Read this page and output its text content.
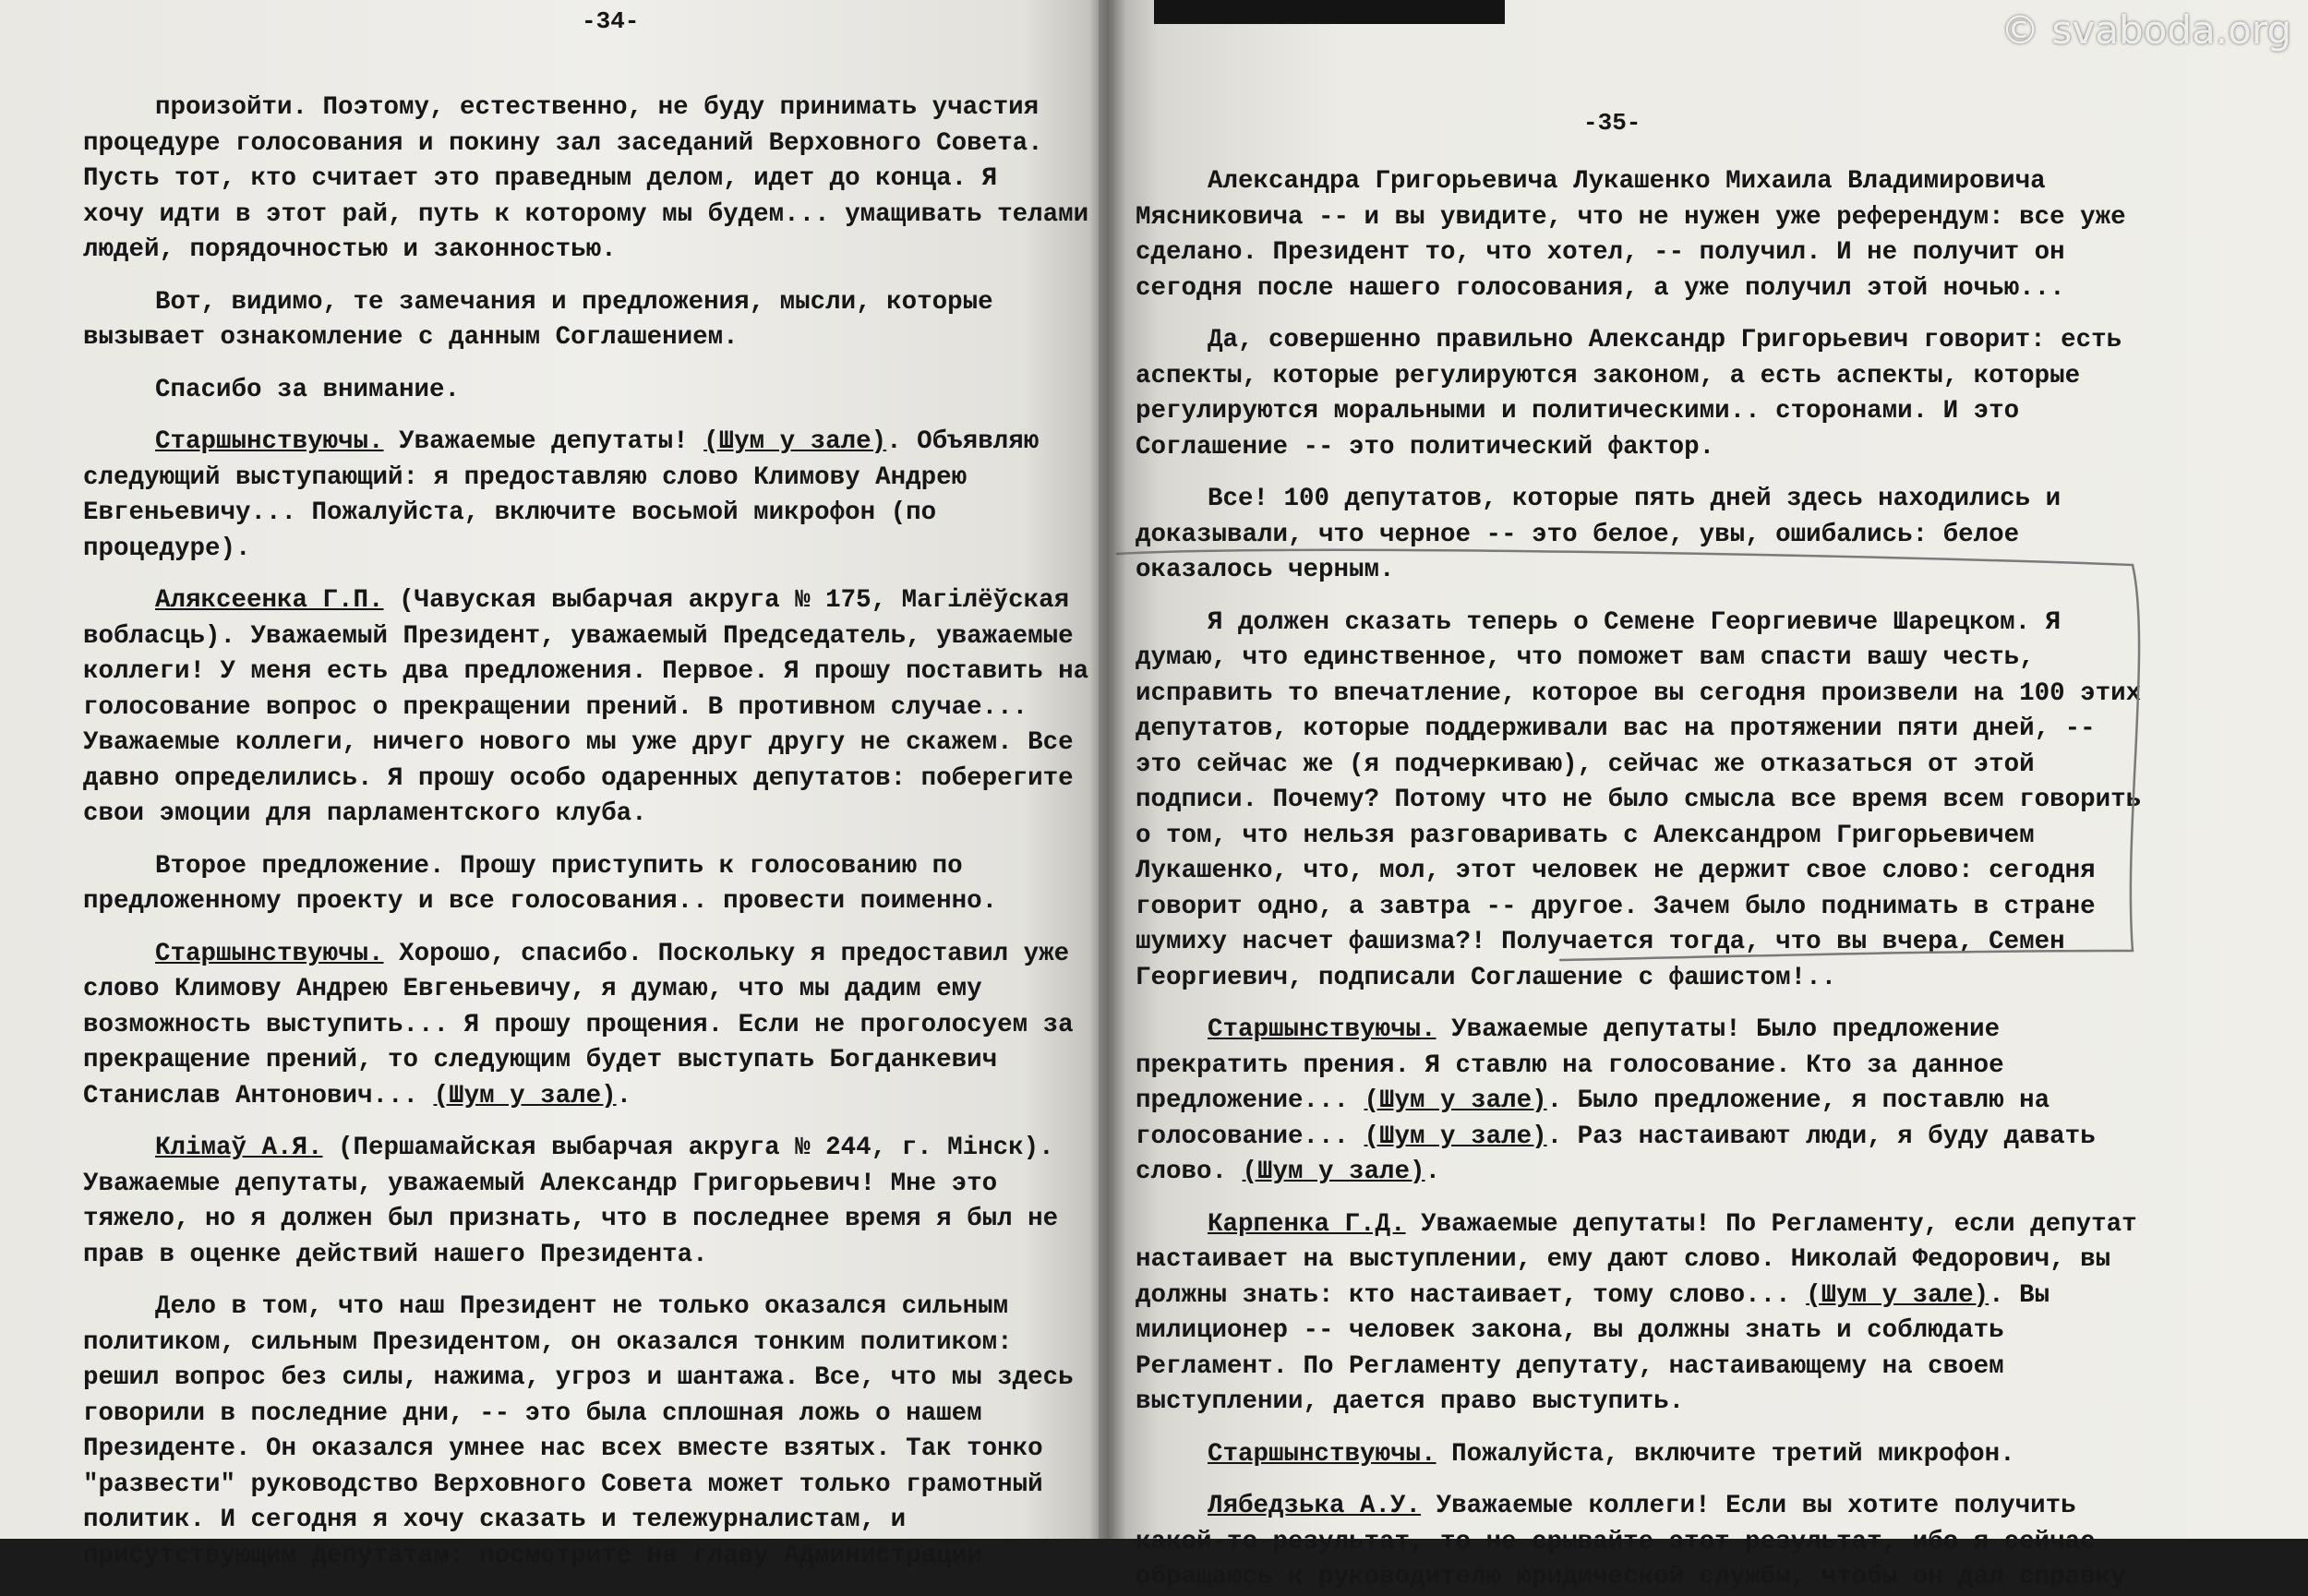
-34-

произойти. Поэтому, естественно, не буду принимать участия
процедуре голосования и покину зал заседаний Верховного Совета.
Пусть тот, кто считает это праведным делом, идет до конца. Я
хочу идти в этот рай, путь к которому мы будем... умащивать телами
людей, порядочностью и законностью.

Вот, видимо, те замечания и предложения, мысли, которые
вызывает ознакомление с данным Соглашением.

Спасибо за внимание.

Старшынствуючы. Уважаемые депутаты! (Шум у зале). Объявляю
следующий выступающий: я предоставляю слово Климову Андрею
Евгеньевичу... Пожалуйста, включите восьмой микрофон (по
процедуре).

Аляксеенка Г.П. (Чавуская выбарчая акруга № 175, Магілёўская
вобласць). Уважаемый Президент, уважаемый Председатель, уважаемые
коллеги! У меня есть два предложения. Первое. Я прошу поставить на
голосование вопрос о прекращении прений. В противном случае...
Уважаемые коллеги, ничего нового мы уже друг другу не скажем. Все
давно определились. Я прошу особо одаренных депутатов: поберегите
свои эмоции для парламентского клуба.

Второе предложение. Прошу приступить к голосованию по
предложенному проекту и все голосования.. провести поименно.

Старшынствуючы. Хорошо, спасибо. Поскольку я предоставил уже
слово Климову Андрею Евгеньевичу, я думаю, что мы дадим ему
возможность выступить... Я прошу прощения. Если не проголосуем за
прекращение прений, то следующим будет выступать Богданкевич
Станислав Антонович... (Шум у зале).

Клімаў А.Я. (Першамайская выбарчая акруга № 244, г. Мінск).
Уважаемые депутаты, уважаемый Александр Григорьевич! Мне это
тяжело, но я должен был признать, что в последнее время я был не
прав в оценке действий нашего Президента.

Дело в том, что наш Президент не только оказался сильным
политиком, сильным Президентом, он оказался тонким политиком:
решил вопрос без силы, нажима, угроз и шантажа. Все, что мы здесь
говорили в последние дни, -- это была сплошная ложь о нашем
Президенте. Он оказался умнее нас всех вместе взятых. Так тонко
"развести" руководство Верховного Совета может только грамотный
политик. И сегодня я хочу сказать и тележурналистам, и
присутствующим депутатам: посмотрите на главу Администрации

-35-

Александра Григорьевича Лукашенко Михаила Владимировича
Мясниковича -- и вы увидите, что не нужен уже референдум: все уже
сделано. Президент то, что хотел, -- получил. И не получит он
сегодня после нашего голосования, а уже получил этой ночью...

Да, совершенно правильно Александр Григорьевич говорит: есть
аспекты, которые регулируются законом, а есть аспекты, которые
регулируются моральными и политическими.. сторонами. И это
Соглашение -- это политический фактор.

Все! 100 депутатов, которые пять дней здесь находились и
доказывали, что черное -- это белое, увы, ошибались: белое
оказалось черным.

Я должен сказать теперь о Семене Георгиевиче Шарецком. Я
думаю, что единственное, что поможет вам спасти вашу честь,
исправить то впечатление, которое вы сегодня произвели на 100 этих
депутатов, которые поддерживали вас на протяжении пяти дней, --
это сейчас же (я подчеркиваю), сейчас же отказаться от этой
подписи. Почему? Потому что не было смысла все время всем говорить
о том, что нельзя разговаривать с Александром Григорьевичем
Лукашенко, что, мол, этот человек не держит свое слово: сегодня
говорит одно, а завтра -- другое. Зачем было поднимать в стране
шумиху насчет фашизма?! Получается тогда, что вы вчера, Семен
Георгиевич, подписали Соглашение с фашистом!..

Старшынствуючы. Уважаемые депутаты! Было предложение
прекратить прения. Я ставлю на голосование. Кто за данное
предложение... (Шум у зале). Было предложение, я поставлю на
голосование... (Шум у зале). Раз настаивают люди, я буду давать
слово. (Шум у зале).

Карпенка Г.Д. Уважаемые депутаты! По Регламенту, если депутат
настаивает на выступлении, ему дают слово. Николай Федорович, вы
должны знать: кто настаивает, тому слово... (Шум у зале). Вы
милиционер -- человек закона, вы должны знать и соблюдать
Регламент. По Регламенту депутату, настаивающему на своем
выступлении, дается право выступить.

Старшынствуючы. Пожалуйста, включите третий микрофон.

Лябедзька А.У. Уважаемые коллеги! Если вы хотите получить
какой-то результат, то не срывайте этот результат, ибо я сейчас
обращаюсь к руководителю юридической службы, чтобы он дал справку

© svaboda.org
